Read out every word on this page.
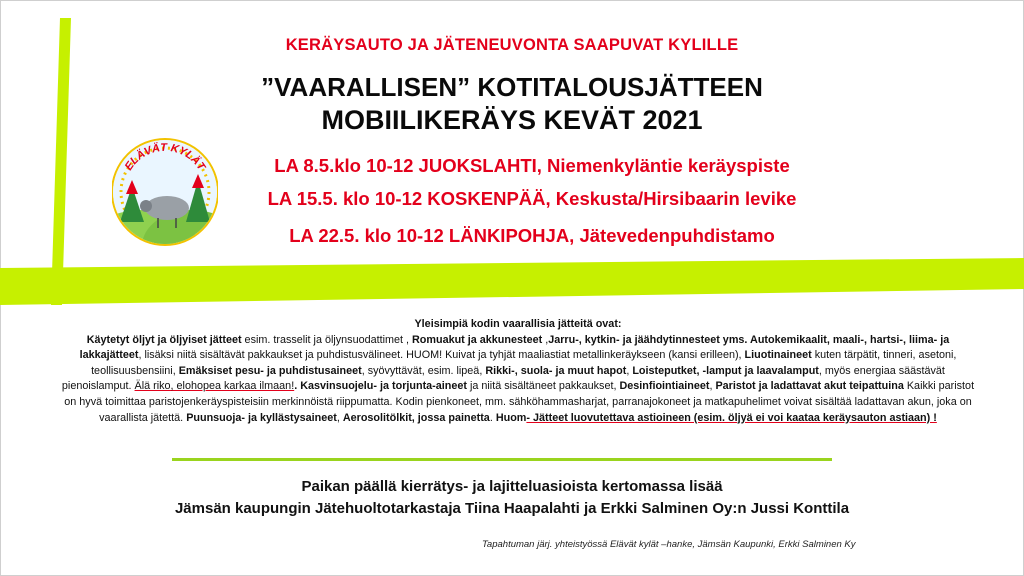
KERÄYSAUTO JA JÄTENEUVONTA SAAPUVAT KYLILLE
”VAARALLISEN” KOTITALOUSJÄTTEEN
MOBIILIKERÄYS KEVÄT 2021
LA 8.5.klo 10-12 JUOKSLAHTI, Niemenkyläntie keräyspiste
LA 15.5. klo 10-12 KOSKENPÄÄ, Keskusta/Hirsibaarin levike
LA 22.5. klo 10-12 LÄNKIPOHJA, Jätevedenpuhdistamo
ELÄVÄT KYLÄT
Yleisimpiä kodin vaarallisia jätteitä ovat:
Käytetyt öljyt ja öljyiset jätteet esim. trasselit ja öljynsuodattimet , Romuakut ja akkunesteet ,Jarru-, kytkin- ja jäähdytinnesteet yms. Autokemikaalit, maali-, hartsi-, liima- ja lakkajätteet, lisäksi niitä sisältävät pakkaukset ja puhdistusvälineet. HUOM! Kuivat ja tyhjät maaliastiat metallinkeräykseen (kansi erilleen), Liuotinaineet kuten tärpätit, tinneri, asetoni, teollisuusbensiini, Emäksiset pesu- ja puhdistusaineet, syövyttävät, esim. lipeä, Rikki-, suola- ja muut hapot, Loisteputket, -lamput ja laavalamput, myös energiaa säästävät pienoislamput. Älä riko, elohopea karkaa ilmaan!. Kasvinsuojelu- ja torjunta-aineet ja niitä sisältäneet pakkaukset, Desinfiointiaineet, Paristot ja ladattavat akut teipattuina Kaikki paristot on hyvä toimittaa paristojenkeräyspisteisiin merkinnöistä riippumatta. Kodin pienkoneet, mm. sähköhammasharjat, parranajokoneet ja matkapuhelimet voivat sisältää ladattavan akun, joka on vaarallista jätettä. Puunsuoja- ja kyllästysaineet, Aerosolitölkit, jossa painetta. Huom- Jätteet luovutettava astioineen (esim. öljyä ei voi kaataa keräysauton astiaan) !
Paikan päällä kierrätys- ja lajitteluasioista kertomassa lisää
Jämsän kaupungin Jätehuoltotarkastaja Tiina Haapalahti ja Erkki Salminen Oy:n Jussi Konttila
Tapahtuman järj. yhteistyössä Elävät kylät –hanke, Jämsän Kaupunki, Erkki Salminen Ky
